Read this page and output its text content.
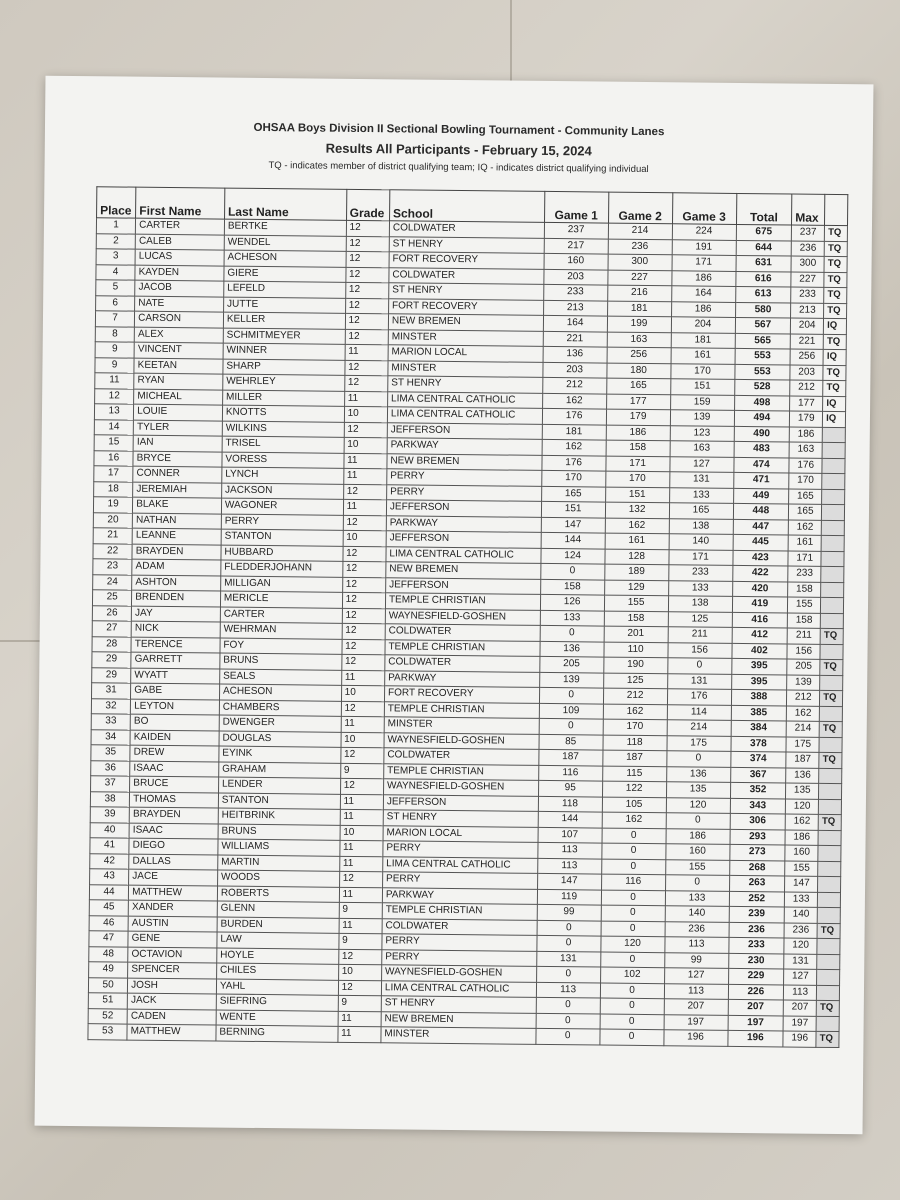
OHSAA Boys Division II Sectional Bowling Tournament - Community Lanes
Results All Participants - February 15, 2024
TQ - indicates member of district qualifying team; IQ - indicates district qualifying individual
Place	First Name	Last Name	Grade	School	Game 1	Game 2	Game 3	Total	Max	
1	CARTER	BERTKE	12	COLDWATER	237	214	224	675	237	TQ
2	CALEB	WENDEL	12	ST HENRY	217	236	191	644	236	TQ
3	LUCAS	ACHESON	12	FORT RECOVERY	160	300	171	631	300	TQ
4	KAYDEN	GIERE	12	COLDWATER	203	227	186	616	227	TQ
5	JACOB	LEFELD	12	ST HENRY	233	216	164	613	233	TQ
6	NATE	JUTTE	12	FORT RECOVERY	213	181	186	580	213	TQ
7	CARSON	KELLER	12	NEW BREMEN	164	199	204	567	204	IQ
8	ALEX	SCHMITMEYER	12	MINSTER	221	163	181	565	221	TQ
9	VINCENT	WINNER	11	MARION LOCAL	136	256	161	553	256	IQ
9	KEETAN	SHARP	12	MINSTER	203	180	170	553	203	TQ
11	RYAN	WEHRLEY	12	ST HENRY	212	165	151	528	212	TQ
12	MICHEAL	MILLER	11	LIMA CENTRAL CATHOLIC	162	177	159	498	177	IQ
13	LOUIE	KNOTTS	10	LIMA CENTRAL CATHOLIC	176	179	139	494	179	IQ
14	TYLER	WILKINS	12	JEFFERSON	181	186	123	490	186	
15	IAN	TRISEL	10	PARKWAY	162	158	163	483	163	
16	BRYCE	VORESS	11	NEW BREMEN	176	171	127	474	176	
17	CONNER	LYNCH	11	PERRY	170	170	131	471	170	
18	JEREMIAH	JACKSON	12	PERRY	165	151	133	449	165	
19	BLAKE	WAGONER	11	JEFFERSON	151	132	165	448	165	
20	NATHAN	PERRY	12	PARKWAY	147	162	138	447	162	
21	LEANNE	STANTON	10	JEFFERSON	144	161	140	445	161	
22	BRAYDEN	HUBBARD	12	LIMA CENTRAL CATHOLIC	124	128	171	423	171	
23	ADAM	FLEDDERJOHANN	12	NEW BREMEN	0	189	233	422	233	
24	ASHTON	MILLIGAN	12	JEFFERSON	158	129	133	420	158	
25	BRENDEN	MERICLE	12	TEMPLE CHRISTIAN	126	155	138	419	155	
26	JAY	CARTER	12	WAYNESFIELD-GOSHEN	133	158	125	416	158	
27	NICK	WEHRMAN	12	COLDWATER	0	201	211	412	211	TQ
28	TERENCE	FOY	12	TEMPLE CHRISTIAN	136	110	156	402	156	
29	GARRETT	BRUNS	12	COLDWATER	205	190	0	395	205	TQ
29	WYATT	SEALS	11	PARKWAY	139	125	131	395	139	
31	GABE	ACHESON	10	FORT RECOVERY	0	212	176	388	212	TQ
32	LEYTON	CHAMBERS	12	TEMPLE CHRISTIAN	109	162	114	385	162	
33	BO	DWENGER	11	MINSTER	0	170	214	384	214	TQ
34	KAIDEN	DOUGLAS	10	WAYNESFIELD-GOSHEN	85	118	175	378	175	
35	DREW	EYINK	12	COLDWATER	187	187	0	374	187	TQ
36	ISAAC	GRAHAM	9	TEMPLE CHRISTIAN	116	115	136	367	136	
37	BRUCE	LENDER	12	WAYNESFIELD-GOSHEN	95	122	135	352	135	
38	THOMAS	STANTON	11	JEFFERSON	118	105	120	343	120	
39	BRAYDEN	HEITBRINK	11	ST HENRY	144	162	0	306	162	TQ
40	ISAAC	BRUNS	10	MARION LOCAL	107	0	186	293	186	
41	DIEGO	WILLIAMS	11	PERRY	113	0	160	273	160	
42	DALLAS	MARTIN	11	LIMA CENTRAL CATHOLIC	113	0	155	268	155	
43	JACE	WOODS	12	PERRY	147	116	0	263	147	
44	MATTHEW	ROBERTS	11	PARKWAY	119	0	133	252	133	
45	XANDER	GLENN	9	TEMPLE CHRISTIAN	99	0	140	239	140	
46	AUSTIN	BURDEN	11	COLDWATER	0	0	236	236	236	TQ
47	GENE	LAW	9	PERRY	0	120	113	233	120	
48	OCTAVION	HOYLE	12	PERRY	131	0	99	230	131	
49	SPENCER	CHILES	10	WAYNESFIELD-GOSHEN	0	102	127	229	127	
50	JOSH	YAHL	12	LIMA CENTRAL CATHOLIC	113	0	113	226	113	
51	JACK	SIEFRING	9	ST HENRY	0	0	207	207	207	TQ
52	CADEN	WENTE	11	NEW BREMEN	0	0	197	197	197	
53	MATTHEW	BERNING	11	MINSTER	0	0	196	196	196	TQ
